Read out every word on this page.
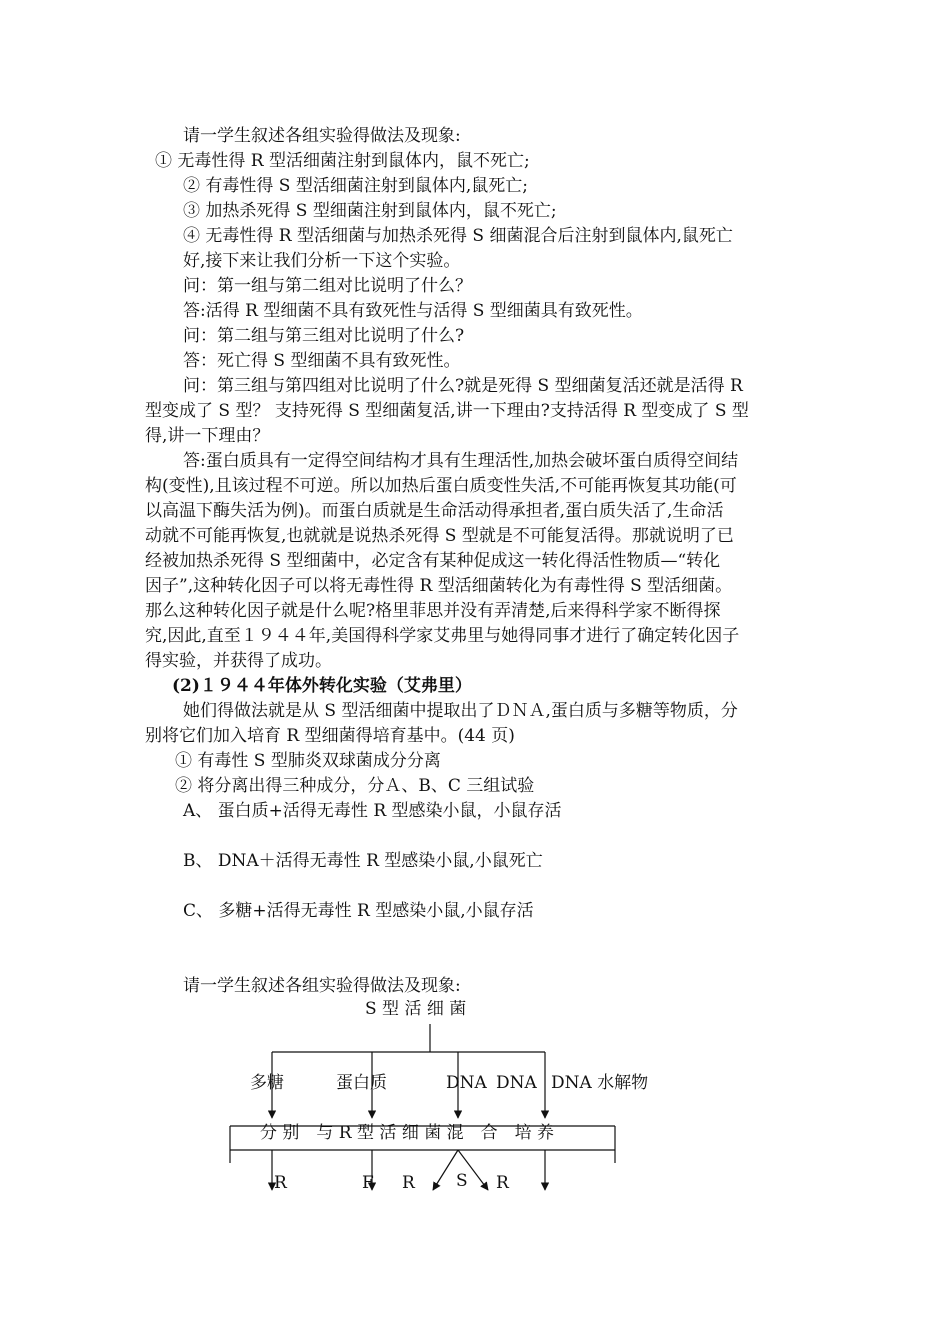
请一学生叙述各组实验得做法及现象:
① 无毒性得 R 型活细菌注射到鼠体内，鼠不死亡;
② 有毒性得 S 型活细菌注射到鼠体内,鼠死亡;
③ 加热杀死得 S 型细菌注射到鼠体内，鼠不死亡;
④ 无毒性得 R 型活细菌与加热杀死得 S 细菌混合后注射到鼠体内,鼠死亡
好,接下来让我们分析一下这个实验。
问：第一组与第二组对比说明了什么？
答:活得 R 型细菌不具有致死性与活得 S 型细菌具有致死性。
问：第二组与第三组对比说明了什么?
答：死亡得 S 型细菌不具有致死性。
问：第三组与第四组对比说明了什么?就是死得 S 型细菌复活还就是活得 R
型变成了 S 型？ 支持死得 S 型细菌复活,讲一下理由?支持活得 R 型变成了 S 型
得,讲一下理由？
答:蛋白质具有一定得空间结构才具有生理活性,加热会破坏蛋白质得空间结
构(变性),且该过程不可逆。所以加热后蛋白质变性失活,不可能再恢复其功能(可
以高温下酶失活为例)。而蛋白质就是生命活动得承担者,蛋白质失活了,生命活
动就不可能再恢复,也就就是说热杀死得 S 型就是不可能复活得。那就说明了已
经被加热杀死得 S 型细菌中，必定含有某种促成这一转化得活性物质—“转化
因子”,这种转化因子可以将无毒性得 R 型活细菌转化为有毒性得 S 型活细菌。
那么这种转化因子就是什么呢?格里菲思并没有弄清楚,后来得科学家不断得探
究,因此,直至１９４４年,美国得科学家艾弗里与她得同事才进行了确定转化因子
得实验，并获得了成功。
(2)１９４４年体外转化实验（艾弗里）
她们得做法就是从 S 型活细菌中提取出了ＤＮＡ,蛋白质与多糖等物质，分
别将它们加入培育 R 型细菌得培育基中。(44 页)
① 有毒性 S 型肺炎双球菌成分分离
② 将分离出得三种成分，分Ａ、B、C 三组试验
A、 蛋白质+活得无毒性 R 型感染小鼠，小鼠存活
B、 DNA＋活得无毒性 R 型感染小鼠,小鼠死亡
C、 多糖+活得无毒性 R 型感染小鼠,小鼠存活
请一学生叙述各组实验得做法及现象:
S 型 活 细 菌
多糖	蛋白质	DNA DNA DNA 水解物
分 别　与 R 型 活 细 菌 混　合　培 养
R	F R S R
